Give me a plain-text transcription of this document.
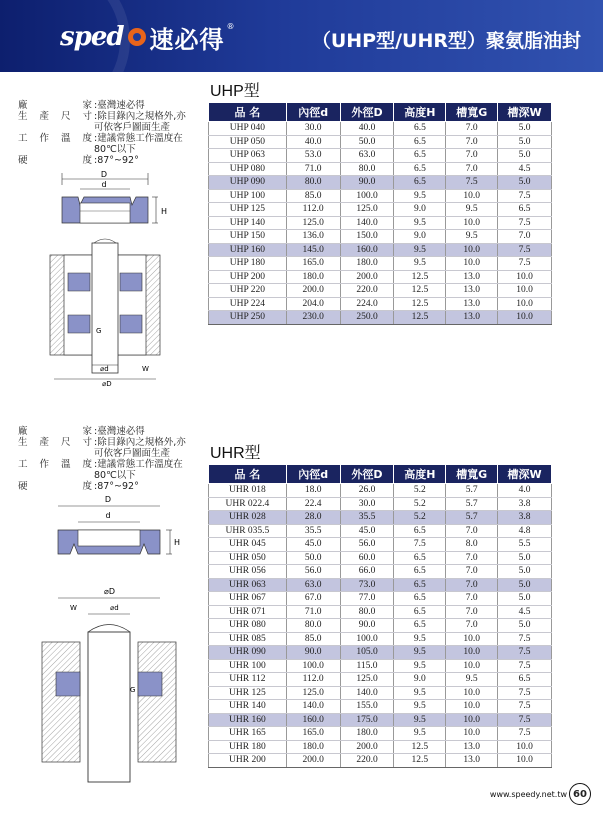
sped 速必得 ®
（UHP型/UHR型）聚氨脂油封
UHP型
廠　　家 : 臺灣速必得
生產尺寸 : 除目錄內之規格外,亦
可依客戶圖面生產
工作溫度 : 建議常態工作溫度在
80℃以下
硬　　度 : 87°~92°
D
d
H
G
⌀d	W
⌀D
品 名	內徑d	外徑D	高度H	槽寬G	槽深W
UHP 040	30.0	40.0	6.5	7.0	5.0
UHP 050	40.0	50.0	6.5	7.0	5.0
UHP 063	53.0	63.0	6.5	7.0	5.0
UHP 080	71.0	80.0	6.5	7.0	4.5
UHP 090	80.0	90.0	6.5	7.5	5.0
UHP 100	85.0	100.0	9.5	10.0	7.5
UHP 125	112.0	125.0	9.0	9.5	6.5
UHP 140	125.0	140.0	9.5	10.0	7.5
UHP 150	136.0	150.0	9.0	9.5	7.0
UHP 160	145.0	160.0	9.5	10.0	7.5
UHP 180	165.0	180.0	9.5	10.0	7.5
UHP 200	180.0	200.0	12.5	13.0	10.0
UHP 220	200.0	220.0	12.5	13.0	10.0
UHP 224	204.0	224.0	12.5	13.0	10.0
UHP 250	230.0	250.0	12.5	13.0	10.0
廠　　家 : 臺灣速必得
生產尺寸 : 除目錄內之規格外,亦
可依客戶圖面生產
工作溫度 : 建議常態工作溫度在
80℃以下
硬　　度 : 87°~92°
UHR型
D
d
H
⌀D
W	⌀d
G
品 名	內徑d	外徑D	高度H	槽寬G	槽深W
UHR 018	18.0	26.0	5.2	5.7	4.0
UHR 022.4	22.4	30.0	5.2	5.7	3.8
UHR 028	28.0	35.5	5.2	5.7	3.8
UHR 035.5	35.5	45.0	6.5	7.0	4.8
UHR 045	45.0	56.0	7.5	8.0	5.5
UHR 050	50.0	60.0	6.5	7.0	5.0
UHR 056	56.0	66.0	6.5	7.0	5.0
UHR 063	63.0	73.0	6.5	7.0	5.0
UHR 067	67.0	77.0	6.5	7.0	5.0
UHR 071	71.0	80.0	6.5	7.0	4.5
UHR 080	80.0	90.0	6.5	7.0	5.0
UHR 085	85.0	100.0	9.5	10.0	7.5
UHR 090	90.0	105.0	9.5	10.0	7.5
UHR 100	100.0	115.0	9.5	10.0	7.5
UHR 112	112.0	125.0	9.0	9.5	6.5
UHR 125	125.0	140.0	9.5	10.0	7.5
UHR 140	140.0	155.0	9.5	10.0	7.5
UHR 160	160.0	175.0	9.5	10.0	7.5
UHR 165	165.0	180.0	9.5	10.0	7.5
UHR 180	180.0	200.0	12.5	13.0	10.0
UHR 200	200.0	220.0	12.5	13.0	10.0
www.speedy.net.tw 60
